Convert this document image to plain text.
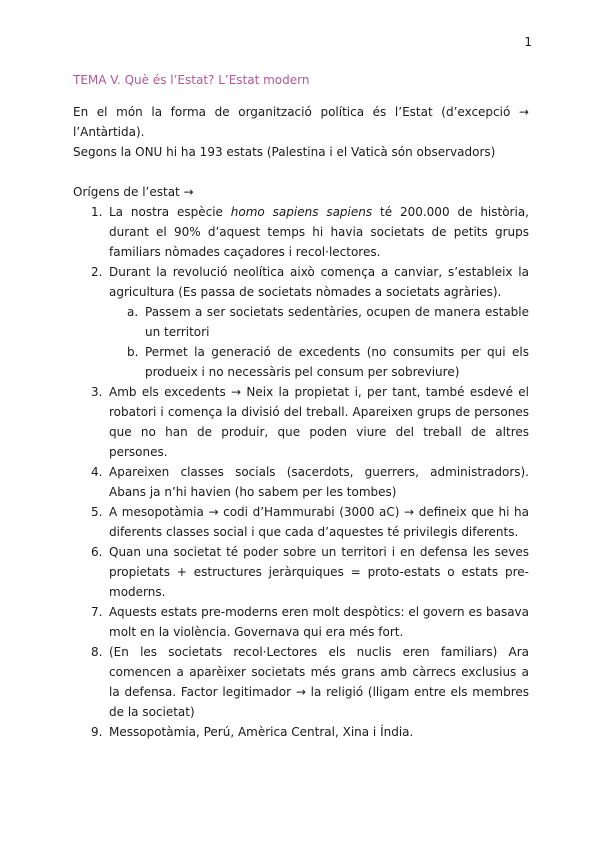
1
TEMA V. Què és l’Estat? L’Estat modern

En el món la forma de organització política és l’Estat (d’excepció → l’Antàrtida).

Segons la ONU hi ha 193 estats (Palestina i el Vaticà són observadors)

Orígens de l’estat →

1. La nostra espècie homo sapiens sapiens té 200.000 de història, durant el 90% d’aquest temps hi havia societats de petits grups familiars nòmades caçadores i recol·lectores.
2. Durant la revolució neolítica això comença a canviar, s’estableix la agricultura (Es passa de societats nòmades a societats agràries).
a. Passem a ser societats sedentàries, ocupen de manera estable un territori
b. Permet la generació de excedents (no consumits per qui els produeix i no necessàris pel consum per sobreviure)
3. Amb els excedents → Neix la propietat i, per tant, també esdevé el robatori i comença la divisió del treball. Apareixen grups de persones que no han de produir, que poden viure del treball de altres persones.
4. Apareixen classes socials (sacerdots, guerrers, administradors). Abans ja n’hi havien (ho sabem per les tombes)
5. A mesopotàmia → codi d’Hammurabi (3000 aC) → defineix que hi ha diferents classes social i que cada d’aquestes té privilegis diferents.
6. Quan una societat té poder sobre un territori i en defensa les seves propietats + estructures jeràrquiques = proto-estats o estats pre-moderns.
7. Aquests estats pre-moderns eren molt despòtics: el govern es basava molt en la violència. Governava qui era més fort.
8. (En les societats recol·Lectores els nuclis eren familiars) Ara comencen a aparèixer societats més grans amb càrrecs exclusius a la defensa. Factor legitimador → la religió (lligam entre els membres de la societat)
9. Messopotàmia, Perú, Amèrica Central, Xina i Índia.
